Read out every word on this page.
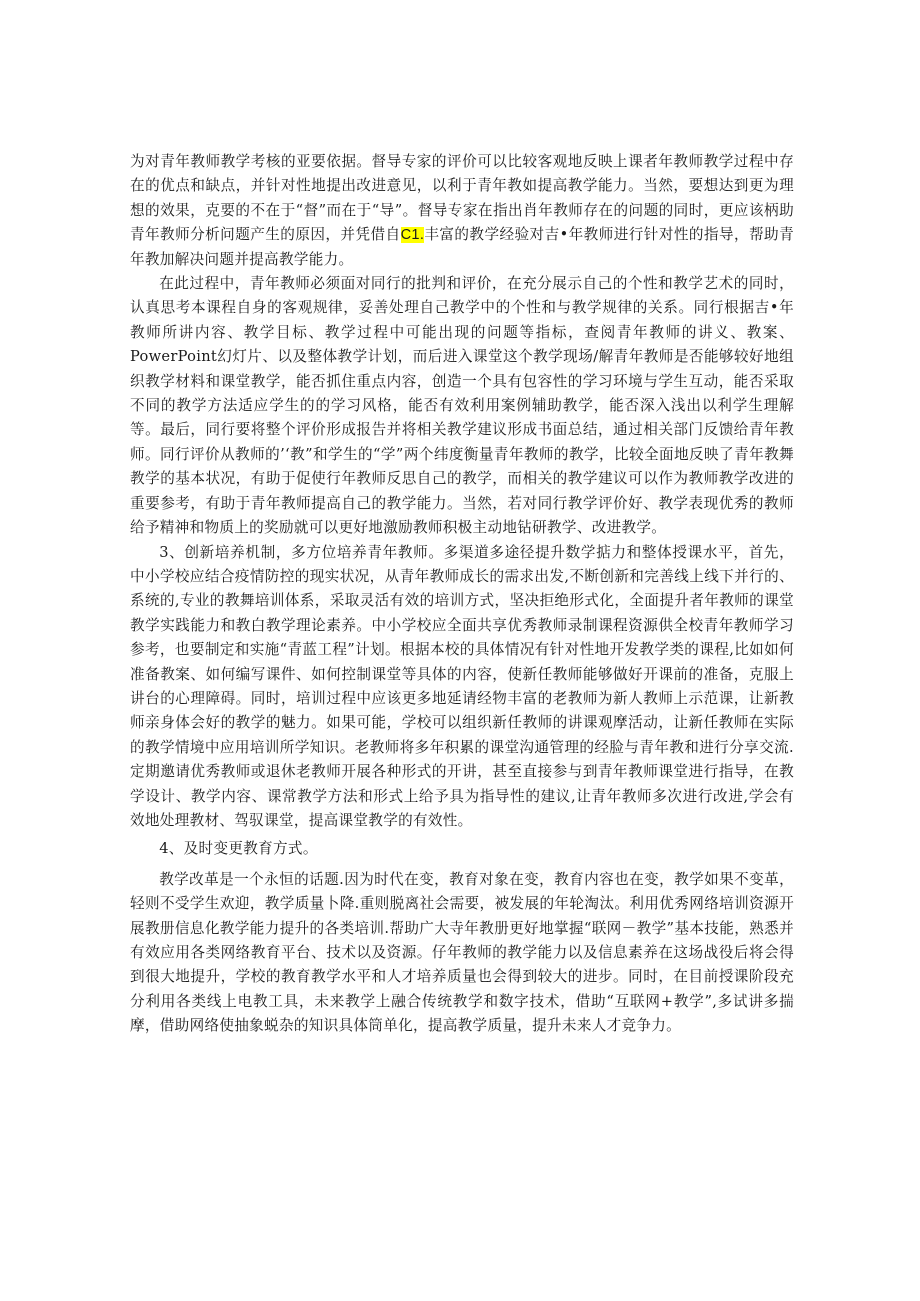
为对青年教师教学考核的亚要依据。督导专家的评价可以比较客观地反映上课者年教师教学过程中存在的优点和缺点，并针对性地提出改进意见，以利于青年教如提高教学能力。当然，要想达到更为理想的效果，克要的不在于“督”而在于“导”。督导专家在指出肖年教师存在的问题的同时，更应该柄助青年教师分析问题产生的原因，并凭借自C1.丰富的教学经验对吉•年教师进行针对性的指导，帮助青年教加解决问题并提高教学能力。

在此过程中，青年教师必须面对同行的批判和评价，在充分展示自己的个性和教学艺术的同时，认真思考本课程自身的客观规律，妥善处理自己教学中的个性和与教学规律的关系。同行根据吉•年教师所讲内容、教学目标、教学过程中可能出现的问题等指标，查阅青年教师的讲义、教案、PowerPoint幻灯片、以及整体教学计划，而后进入课堂这个教学现场/解青年教师是否能够较好地组织教学材料和课堂教学，能否抓住重点内容，创造一个具有包容性的学习环境与学生互动，能否采取不同的教学方法适应学生的的学习风格，能否有效利用案例辅助教学，能否深入浅出以利学生理解等。最后，同行要将整个评价形成报告并将相关教学建议形成书面总结，通过相关部门反馈给青年教师。同行评价从教师的’‘教”和学生的“学”两个纬度衡量青年教师的教学，比较全面地反映了青年教舞教学的基本状况，有助于促使行年教师反思自己的教学，而相关的教学建议可以作为教师教学改进的重要参考，有助于青年教师提高自己的教学能力。当然，若对同行教学评价好、教学表现优秀的教师给予精神和物质上的奖励就可以更好地激励教师积极主动地钻研教学、改进教学。

3、创新培养机制，多方位培养青年教师。多渠道多途径提升数学掂力和整体授课水平，首先，中小学校应结合疫情防控的现实状况，从青年教师成长的需求出发,不断创新和完善线上线下并行的、系统的,专业的教舞培训体系，采取灵活有效的培训方式，坚决拒绝形式化，全面提升者年教师的课堂教学实践能力和教白教学理论素养。中小学校应全面共享优秀教师录制课程资源供全校青年教师学习参考，也要制定和实施“青蓝工程”计划。根据本校的具体情况有针对性地开发教学类的课程,比如如何准备教案、如何编写课件、如何控制课堂等具体的内容，使新任教师能够做好开课前的准备，克服上讲台的心理障碍。同时，培训过程中应该更多地延请经物丰富的老教师为新人教师上示范课，让新教师亲身体会好的教学的魅力。如果可能，学校可以组织新任教师的讲课观摩活动，让新任教师在实际的教学情境中应用培训所学知识。老教师将多年积累的课堂沟通管理的经脸与青年教和进行分享交流.定期邀请优秀教师或退休老教师开展各种形式的开讲，甚至直接参与到青年教师课堂进行指导，在教学设计、教学内容、课常教学方法和形式上给予具为指导性的建议,让青年教师多次进行改进,学会有效地处理教材、驾驭课堂，提高课堂教学的有效性。

4、及时变更教育方式。

教学改革是一个永恒的话题.因为时代在变，教育对象在变，教育内容也在变，教学如果不变革，轻则不受学生欢迎，教学质量卜降.重则脱离社会需要，被发展的年轮淘汰。利用优秀网络培训资源开展教册信息化教学能力提升的各类培训.帮助广大寺年教册更好地掌握“联网－教学”基本技能，熟悉并有效应用各类网络教育平台、技术以及资源。仔年教师的教学能力以及信息素养在这场战役后将会得到很大地提升，学校的教育教学水平和人才培养质量也会得到较大的进步。同时，在目前授课阶段充分利用各类线上电教工具，未来教学上融合传统教学和数字技术，借助“互联网+教学”,多试讲多揣摩，借助网络使抽象蜕杂的知识具体筒单化，提高教学质量，提升未来人才竞争力。
